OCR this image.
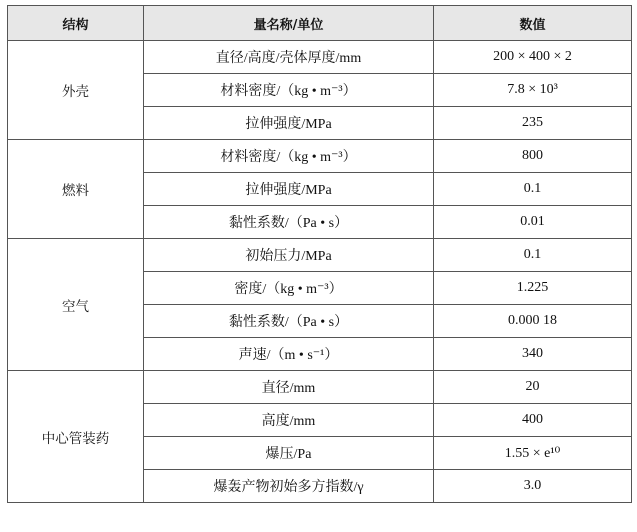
结构	量名称/单位	数值
外壳	直径/高度/壳体厚度/mm	200 × 400 × 2
	材料密度/（kg • m⁻³）	7.8 × 10³
	拉伸强度/MPa	235
燃料	材料密度/（kg • m⁻³）	800
	拉伸强度/MPa	0.1
	黏性系数/（Pa • s）	0.01
空气	初始压力/MPa	0.1
	密度/（kg • m⁻³）	1.225
	黏性系数/（Pa • s）	0.000 18
	声速/（m • s⁻¹）	340
中心管装药	直径/mm	20
	高度/mm	400
	爆压/Pa	1.55 × e¹⁰
	爆轰产物初始多方指数/γ	3.0
